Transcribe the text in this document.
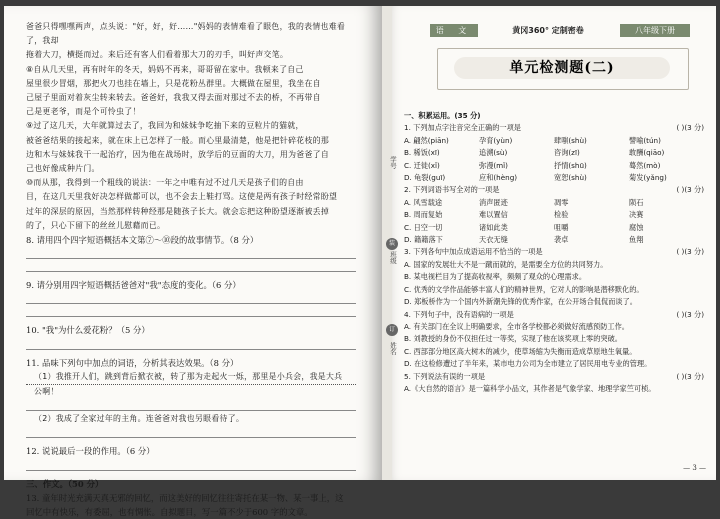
爸爸只得嘿嘿两声，点头说："好，好，好……"妈妈的表情难看了眼色，我的表情也难看了，我却

拖着大刀，横挺而过。来后还有客人们看着那大刀的刃手，叫好声交笔。

⑧自从几天里，再有时年的冬天，妈妈不再来，哥哥留在家中。我顿来了自己

屋里很少冒烟，那把火刀也挂在墙上，只是花粉丛群里。大概做在屋里，我坐在自

己屋子里面对着灰尘转来转去。爸爸好，我我又得去面对那过不去的桥，不再带自

己是更老爷，而是个可怜虫了！

⑨过了这几天，大年就算过去了，我回为和妹妹争吃抽下来的豆粒片的猫就，

被爸爸结果的接起来，就在床上已怎样了一般。而心里最清楚，他是把针碎花枝的那

边和木与妹妹我干一起治疗，因为他在战场时，放学后的豆面的大刀，用为爸爸了自

己也好像成种片门。

⑩而从那，我得到一个粗线的说法：一年之中唯有过不过几天是孩子们的自由

目，在这几天里我好决怎样做都可以，也不会去上鞋打骂。这使是两有孩子时经常盼望

过年的深层的原因，当然那样转种经那是随孩子长大。就会忘把这种盼望逐渐被丢掉

的了，只心下留下的丝丝儿慰藉而已。

8. 请用四个四字短语概括本文第⑦～⑩段的故事情节。（8 分）

9. 请分别用四字短语概括爸爸对"我"态度的变化。（6 分）

10. "我"为什么爱花粉？（5 分）

11. 品味下列句中加点的词语，分析其表达效果。（8 分）

（1）我推开人们，跳到背后掀衣被，转了那为走起火一烁，那里是小兵会，我是大兵

公啊！

（2）我成了全家过年的主角。连爸爸对我也另眼看待了。

12. 说说最后一段的作用。（6 分）

三、作文。（50 分）

13. 童年时光充满天真无邪的回忆，而这美好的回忆往往寄托在某一物、某一事上，这

回忆中有快乐，有委屈，也有惆怅。自拟题目，写一篇不少于600 字的文章。

学号
装
班级
订
姓名
语 文	黄冈360° 定制密卷	八年级下册
单元检测题(二)

一、积累运用。(35 分)

1. 下列加点字注音完全正确的一项是	( )(3 分)
A. 翩然(piān)	孕育(yùn)	肆嗤(shù)	譬喻(tún)
B. 稀饭(xī)	追溯(sù)	咨询(zī)	敢酬(qiāo)
C. 迁徙(xǐ)	弥漫(mǐ)	抒情(shū)	蓦然(mò)
D. 龟裂(guī)	应和(hèng)	宽恕(shù)	菊发(yǎng)

2. 下列词语书写全对的一项是	( )(3 分)
A. 风雪载途	消声匿迹	凋零	陨石
B. 周而复始	难以置信	检验	决赛
C. 日空一切	诸如此类	咀嚼	腐蚀
D. 籍籍落下	天衣无缝	袭卓	鱼翔

3. 下列各句中加点成语运用不恰当的一项是	( )(3 分)

A. 国家的发展壮大不是一蹴而就的，是需要全方位的共同努力。

B. 某电视栏目为了提高收视率，频频了观众的心理需求。

C. 优秀的文学作品能够丰富人们的精神世界，它对人的影响是潜移默化的。

D. 郑板桥作为一个国内外新潮先锋的优秀作家，在公开场合侃侃而谈了。

4. 下列句子中，没有语病的一项是	( )(3 分)

A. 有关部门在全议上明确要求，全市各学校都必须做好流感预防工作。

B. 刘教授的身份不仅担任过一等奖，实现了他在该奖项上零的突破。

C. 西部部分地区高大树木的减少，使草场缩为失衡而造成草原地生氧量。

D. 在这检修遭过了半年来，某市电力公司为全市建立了居民用电专业的管理。

5. 下列说法有误的一项是	( )(3 分)

A.《大自然的语言》是一篇科学小品文，其作者是气象学家、地理学家竺可桢。

— 3 —
